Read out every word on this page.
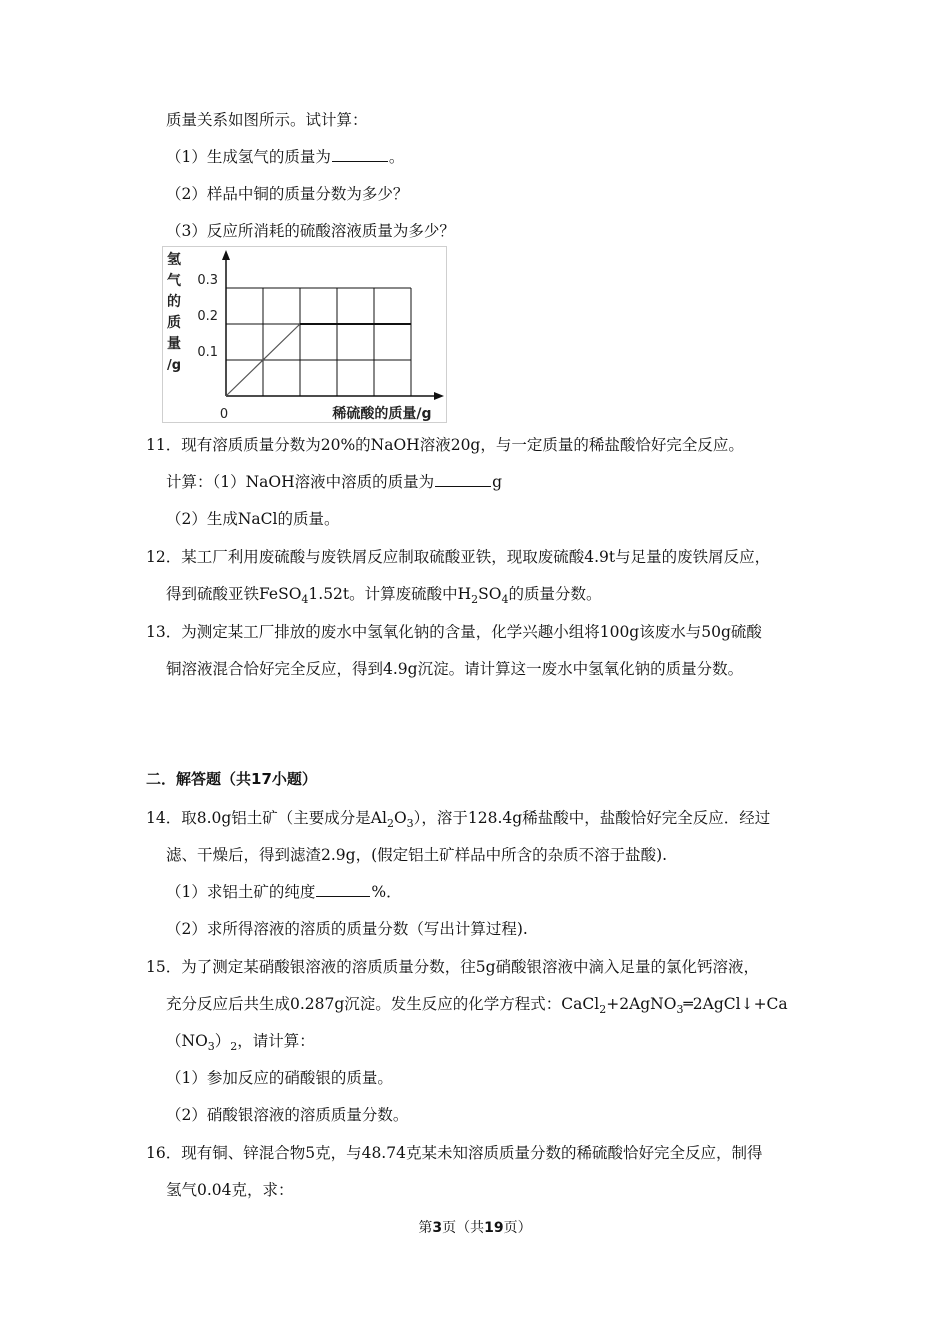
质量关系如图所示。试计算：
（1）生成氢气的质量为	。
（2）样品中铜的质量分数为多少？
（3）反应所消耗的硫酸溶液质量为多少？
氢
气
的
质
量
/g
0.1
0.2
0.3
0	稀硫酸的质量/g
11．现有溶质质量分数为20%的NaOH溶液20g，与一定质量的稀盐酸恰好完全反应。
计算：（1）NaOH溶液中溶质的质量为	g
（2）生成NaCl的质量。
12．某工厂利用废硫酸与废铁屑反应制取硫酸亚铁，现取废硫酸4.9t与足量的废铁屑反应，
得到硫酸亚铁FeSO$_4$1.52t。计算废硫酸中$H_2SO_4$的质量分数。
13．为测定某工厂排放的废水中氢氧化钠的含量，化学兴趣小组将100g该废水与50g硫酸
铜溶液混合恰好完全反应，得到4.9g沉淀。请计算这一废水中氢氧化钠的质量分数。
二．解答题（共17小题）
14．取8.0g铝土矿（主要成分是$Al_2O_3$），溶于128.4g稀盐酸中，盐酸恰好完全反应．经过
滤、干燥后，得到滤渣2.9g，(假定铝土矿样品中所含的杂质不溶于盐酸).
（1）求铝土矿的纯度	%．
（2）求所得溶液的溶质的质量分数（写出计算过程).
15．为了测定某硝酸银溶液的溶质质量分数，往5g硝酸银溶液中滴入足量的氯化钙溶液，
充分反应后共生成0.287g沉淀。发生反应的化学方程式：CaCl$_2$+2AgNO$_3$═2AgCl↓+Ca
$(NO_3)_2$，请计算：
（1）参加反应的硝酸银的质量。
（2）硝酸银溶液的溶质质量分数。
16．现有铜、锌混合物5克，与48.74克某未知溶质质量分数的稀硫酸恰好完全反应，制得
氢气0.04克，求：
第3页（共19页）
